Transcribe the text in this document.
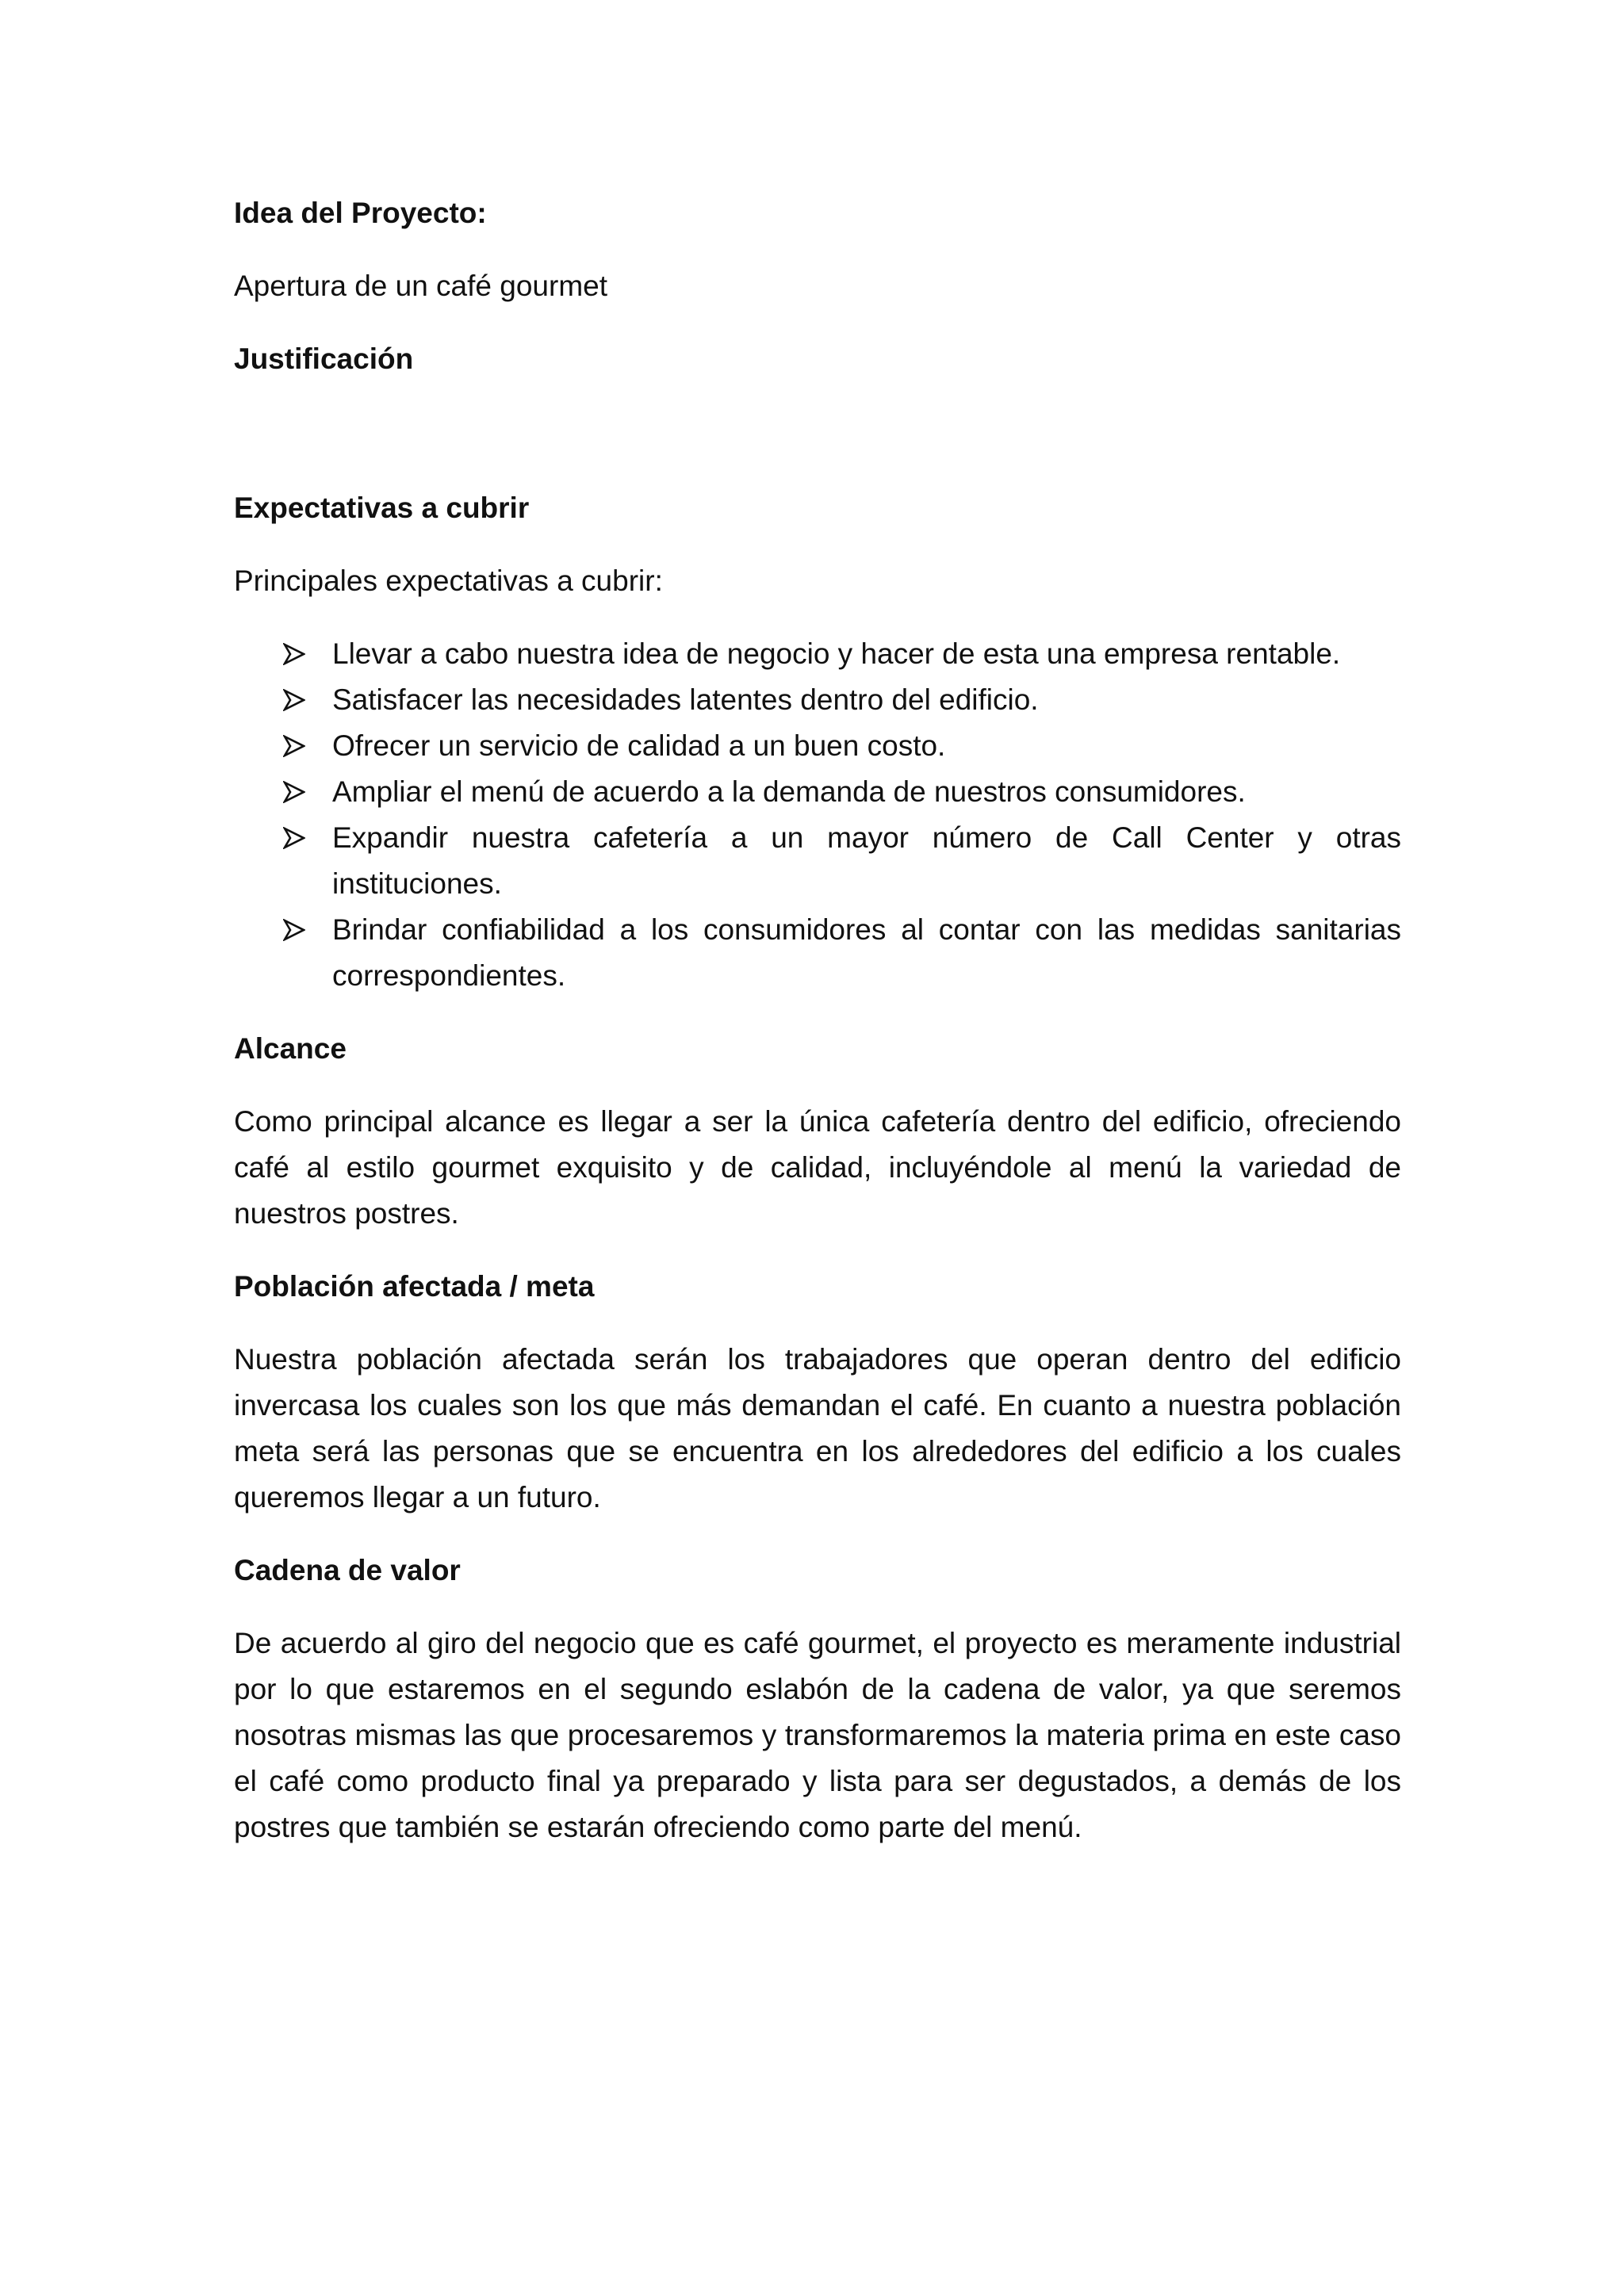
Idea del Proyecto:

Apertura de un café gourmet

Justificación

Expectativas a cubrir

Principales expectativas a cubrir:

Llevar a cabo nuestra idea de negocio y hacer de esta una empresa rentable.
Satisfacer las necesidades latentes dentro del edificio.
Ofrecer un servicio de calidad a un buen costo.
Ampliar el menú de acuerdo a la demanda de nuestros consumidores.
Expandir nuestra cafetería a un mayor número de Call Center y otras instituciones.
Brindar confiabilidad a los consumidores al contar con las medidas sanitarias correspondientes.

Alcance

Como principal alcance es llegar a ser la única cafetería dentro del edificio, ofreciendo café al estilo gourmet exquisito y de calidad, incluyéndole al menú la variedad de nuestros postres.

Población afectada / meta

Nuestra población afectada serán los trabajadores que operan dentro del edificio invercasa los cuales son los que más demandan el café. En cuanto a nuestra población meta será las personas que se encuentra en los alrededores del edificio a los cuales queremos llegar a un futuro.

Cadena de valor

De acuerdo al giro del negocio que es café gourmet, el proyecto es meramente industrial por lo que estaremos en el segundo eslabón de la cadena de valor, ya que seremos nosotras mismas las que procesaremos y transformaremos la materia prima en este caso el café como producto final ya preparado y lista para ser degustados, a demás de los postres que también se estarán ofreciendo como parte del menú.
